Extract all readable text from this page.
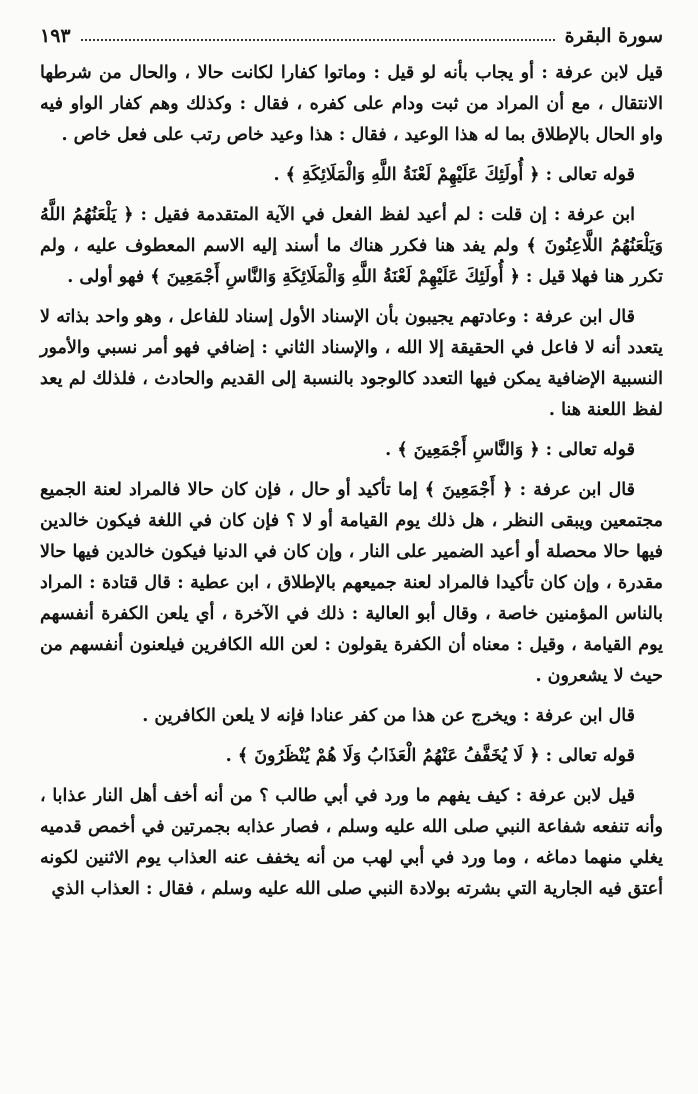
١٩٣	سورة البقرة

قيل لابن عرفة : أو يجاب بأنه لو قيل : وماتوا كفارا لكانت حالا ، والحال من شرطها الانتقال ، مع أن المراد من ثبت ودام على كفره ، فقال : وكذلك وهم كفار الواو فيه واو الحال بالإطلاق بما له هذا الوعيد ، فقال : هذا وعيد خاص رتب على فعل خاص .

قوله تعالى : ﴿ أُولَئِكَ عَلَيْهِمْ لَعْنَةُ اللَّهِ وَالْمَلَائِكَةِ ﴾ .

ابن عرفة : إن قلت : لم أعيد لفظ الفعل في الآية المتقدمة فقيل : ﴿ يَلْعَنُهُمُ اللَّهُ وَيَلْعَنُهُمُ اللَّاعِنُونَ ﴾ ولم يفد هنا فكرر هناك ما أسند إليه الاسم المعطوف عليه ، ولم تكرر هنا فهلا قيل : ﴿ أُولَئِكَ عَلَيْهِمْ لَعْنَةُ اللَّهِ وَالْمَلَائِكَةِ وَالنَّاسِ أَجْمَعِينَ ﴾ فهو أولى .

قال ابن عرفة : وعادتهم يجيبون بأن الإسناد الأول إسناد للفاعل ، وهو واحد بذاته لا يتعدد أنه لا فاعل في الحقيقة إلا الله ، والإسناد الثاني : إضافي فهو أمر نسبي والأمور النسبية الإضافية يمكن فيها التعدد كالوجود بالنسبة إلى القديم والحادث ، فلذلك لم يعد لفظ اللعنة هنا .

قوله تعالى : ﴿ وَالنَّاسِ أَجْمَعِينَ ﴾ .

قال ابن عرفة : ﴿ أَجْمَعِينَ ﴾ إما تأكيد أو حال ، فإن كان حالا فالمراد لعنة الجميع مجتمعين ويبقى النظر ، هل ذلك يوم القيامة أو لا ؟ فإن كان في اللغة فيكون خالدين فيها حالا محصلة أو أعيد الضمير على النار ، وإن كان في الدنيا فيكون خالدين فيها حالا مقدرة ، وإن كان تأكيدا فالمراد لعنة جميعهم بالإطلاق ، ابن عطية : قال قتادة : المراد بالناس المؤمنين خاصة ، وقال أبو العالية : ذلك في الآخرة ، أي يلعن الكفرة أنفسهم يوم القيامة ، وقيل : معناه أن الكفرة يقولون : لعن الله الكافرين فيلعنون أنفسهم من حيث لا يشعرون .

قال ابن عرفة : ويخرج عن هذا من كفر عنادا فإنه لا يلعن الكافرين .

قوله تعالى : ﴿ لَا يُخَفَّفُ عَنْهُمُ الْعَذَابُ وَلَا هُمْ يُنْظَرُونَ ﴾ .

قيل لابن عرفة : كيف يفهم ما ورد في أبي طالب ؟ من أنه أخف أهل النار عذابا ، وأنه تنفعه شفاعة النبي صلى الله عليه وسلم ، فصار عذابه بجمرتين في أخمص قدميه يغلي منهما دماغه ، وما ورد في أبي لهب من أنه يخفف عنه العذاب يوم الاثنين لكونه أعتق فيه الجارية التي بشرته بولادة النبي صلى الله عليه وسلم ، فقال : العذاب الذي
